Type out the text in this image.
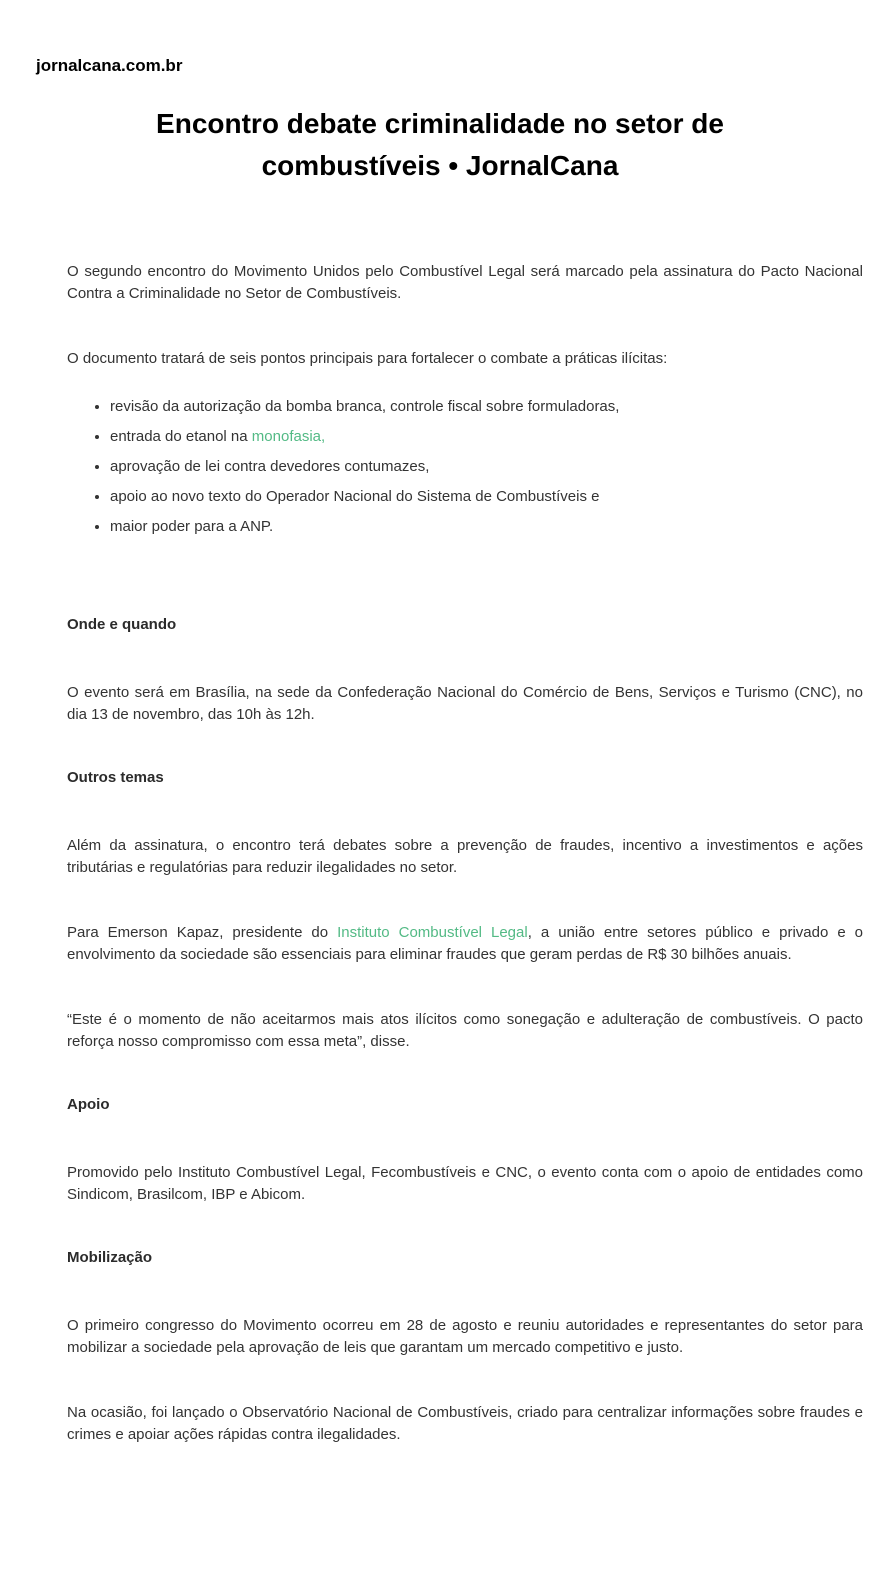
jornalcana.com.br
Encontro debate criminalidade no setor de
combustíveis • JornalCana

O segundo encontro do Movimento Unidos pelo Combustível Legal será marcado pela assinatura do Pacto Nacional Contra a Criminalidade no Setor de Combustíveis.

O documento tratará de seis pontos principais para fortalecer o combate a práticas ilícitas:

• revisão da autorização da bomba branca, controle fiscal sobre formuladoras,
• entrada do etanol na monofasia,
• aprovação de lei contra devedores contumazes,
• apoio ao novo texto do Operador Nacional do Sistema de Combustíveis e
• maior poder para a ANP.
Onde e quando

O evento será em Brasília, na sede da Confederação Nacional do Comércio de Bens, Serviços e Turismo (CNC), no dia 13 de novembro, das 10h às 12h.

Outros temas

Além da assinatura, o encontro terá debates sobre a prevenção de fraudes, incentivo a investimentos e ações tributárias e regulatórias para reduzir ilegalidades no setor.

Para Emerson Kapaz, presidente do Instituto Combustível Legal, a união entre setores público e privado e o envolvimento da sociedade são essenciais para eliminar fraudes que geram perdas de R$ 30 bilhões anuais.

“Este é o momento de não aceitarmos mais atos ilícitos como sonegação e adulteração de combustíveis. O pacto reforça nosso compromisso com essa meta”, disse.

Apoio

Promovido pelo Instituto Combustível Legal, Fecombustíveis e CNC, o evento conta com o apoio de entidades como Sindicom, Brasilcom, IBP e Abicom.

Mobilização

O primeiro congresso do Movimento ocorreu em 28 de agosto e reuniu autoridades e representantes do setor para mobilizar a sociedade pela aprovação de leis que garantam um mercado competitivo e justo.

Na ocasião, foi lançado o Observatório Nacional de Combustíveis, criado para centralizar informações sobre fraudes e crimes e apoiar ações rápidas contra ilegalidades.
